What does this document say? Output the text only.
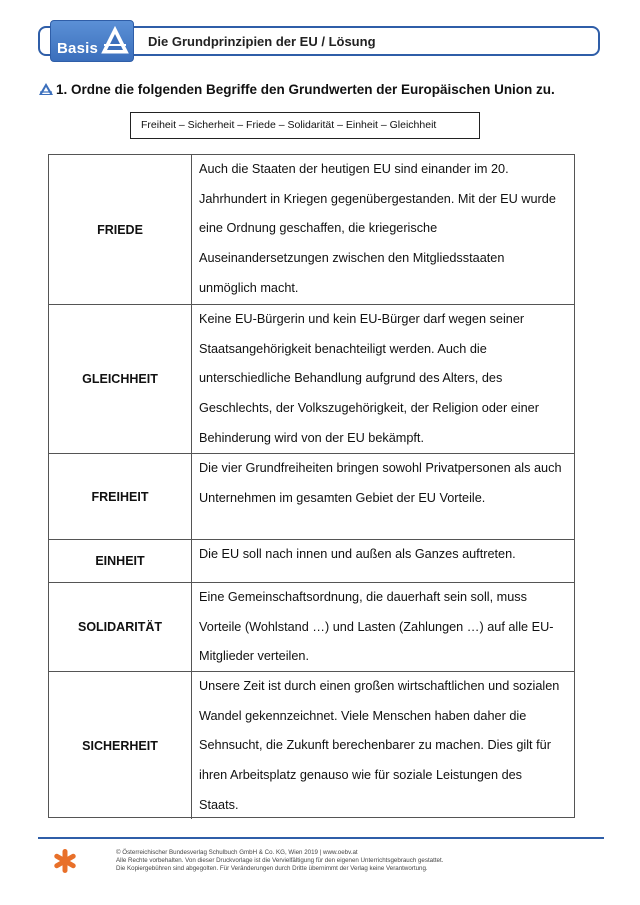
Basis	Die Grundprinzipien der EU / Lösung
1. Ordne die folgenden Begriffe den Grundwerten der Europäischen Union zu.
Freiheit – Sicherheit – Friede – Solidarität – Einheit – Gleichheit
FRIEDE
Auch die Staaten der heutigen EU sind einander im 20.
Jahrhundert in Kriegen gegenübergestanden. Mit der EU wurde
eine Ordnung geschaffen, die kriegerische
Auseinandersetzungen zwischen den Mitgliedsstaaten
unmöglich macht.
GLEICHHEIT
Keine EU-Bürgerin und kein EU-Bürger darf wegen seiner
Staatsangehörigkeit benachteiligt werden. Auch die
unterschiedliche Behandlung aufgrund des Alters, des
Geschlechts, der Volkszugehörigkeit, der Religion oder einer
Behinderung wird von der EU bekämpft.
FREIHEIT
Die vier Grundfreiheiten bringen sowohl Privatpersonen als auch
Unternehmen im gesamten Gebiet der EU Vorteile.
EINHEIT	Die EU soll nach innen und außen als Ganzes auftreten.
SOLIDARITÄT
Eine Gemeinschaftsordnung, die dauerhaft sein soll, muss
Vorteile (Wohlstand …) und Lasten (Zahlungen …) auf alle EU-
Mitglieder verteilen.
SICHERHEIT
Unsere Zeit ist durch einen großen wirtschaftlichen und sozialen
Wandel gekennzeichnet. Viele Menschen haben daher die
Sehnsucht, die Zukunft berechenbarer zu machen. Dies gilt für
ihren Arbeitsplatz genauso wie für soziale Leistungen des
Staats.
© Österreichischer Bundesverlag Schulbuch GmbH & Co. KG, Wien 2019 | www.oebv.at
Alle Rechte vorbehalten. Von dieser Druckvorlage ist die Vervielfältigung für den eigenen Unterrichtsgebrauch gestattet.
Die Kopiergebühren sind abgegolten. Für Veränderungen durch Dritte übernimmt der Verlag keine Verantwortung.
